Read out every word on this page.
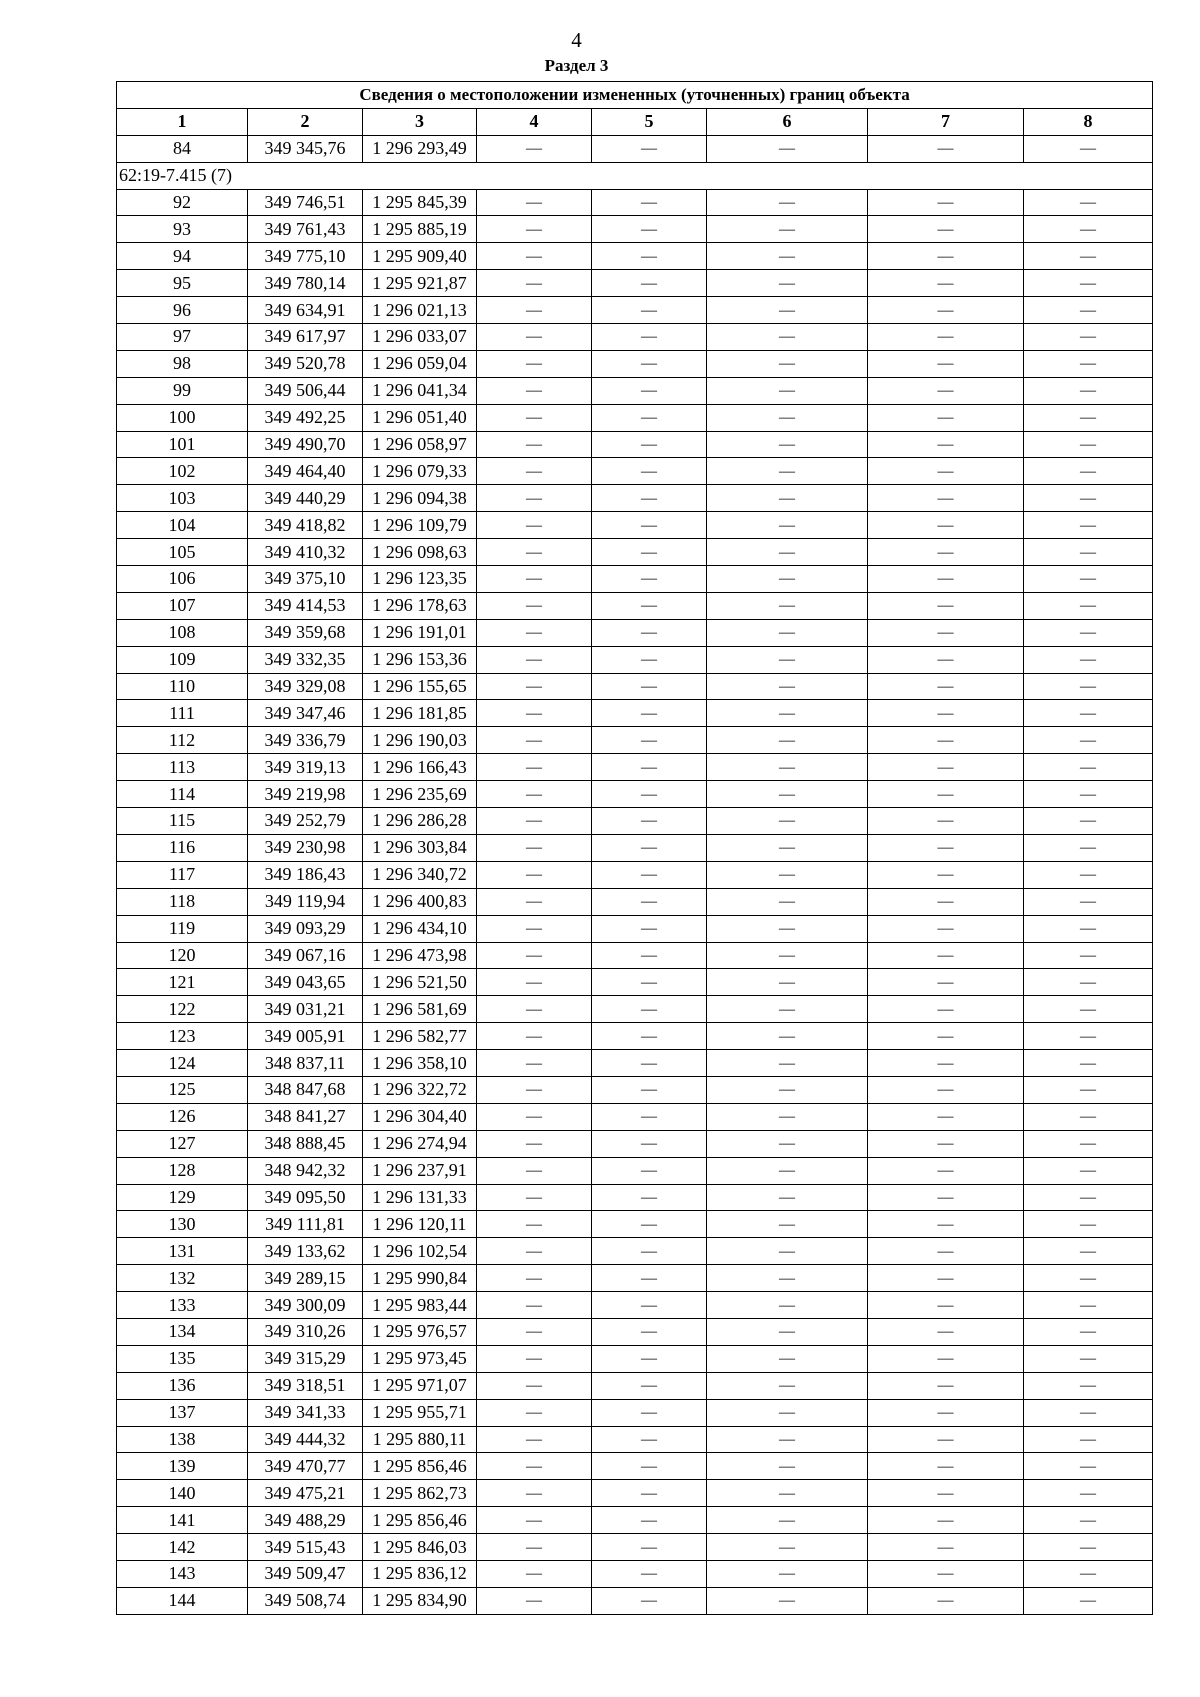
4
Раздел 3
Сведения о местоположении измененных (уточненных) границ объекта							
1	2	3	4	5	6	7	8
84	349 345,76	1 296 293,49	—	—	—	—	—
62:19-7.415 (7)							
92	349 746,51	1 295 845,39	—	—	—	—	—
93	349 761,43	1 295 885,19	—	—	—	—	—
94	349 775,10	1 295 909,40	—	—	—	—	—
95	349 780,14	1 295 921,87	—	—	—	—	—
96	349 634,91	1 296 021,13	—	—	—	—	—
97	349 617,97	1 296 033,07	—	—	—	—	—
98	349 520,78	1 296 059,04	—	—	—	—	—
99	349 506,44	1 296 041,34	—	—	—	—	—
100	349 492,25	1 296 051,40	—	—	—	—	—
101	349 490,70	1 296 058,97	—	—	—	—	—
102	349 464,40	1 296 079,33	—	—	—	—	—
103	349 440,29	1 296 094,38	—	—	—	—	—
104	349 418,82	1 296 109,79	—	—	—	—	—
105	349 410,32	1 296 098,63	—	—	—	—	—
106	349 375,10	1 296 123,35	—	—	—	—	—
107	349 414,53	1 296 178,63	—	—	—	—	—
108	349 359,68	1 296 191,01	—	—	—	—	—
109	349 332,35	1 296 153,36	—	—	—	—	—
110	349 329,08	1 296 155,65	—	—	—	—	—
111	349 347,46	1 296 181,85	—	—	—	—	—
112	349 336,79	1 296 190,03	—	—	—	—	—
113	349 319,13	1 296 166,43	—	—	—	—	—
114	349 219,98	1 296 235,69	—	—	—	—	—
115	349 252,79	1 296 286,28	—	—	—	—	—
116	349 230,98	1 296 303,84	—	—	—	—	—
117	349 186,43	1 296 340,72	—	—	—	—	—
118	349 119,94	1 296 400,83	—	—	—	—	—
119	349 093,29	1 296 434,10	—	—	—	—	—
120	349 067,16	1 296 473,98	—	—	—	—	—
121	349 043,65	1 296 521,50	—	—	—	—	—
122	349 031,21	1 296 581,69	—	—	—	—	—
123	349 005,91	1 296 582,77	—	—	—	—	—
124	348 837,11	1 296 358,10	—	—	—	—	—
125	348 847,68	1 296 322,72	—	—	—	—	—
126	348 841,27	1 296 304,40	—	—	—	—	—
127	348 888,45	1 296 274,94	—	—	—	—	—
128	348 942,32	1 296 237,91	—	—	—	—	—
129	349 095,50	1 296 131,33	—	—	—	—	—
130	349 111,81	1 296 120,11	—	—	—	—	—
131	349 133,62	1 296 102,54	—	—	—	—	—
132	349 289,15	1 295 990,84	—	—	—	—	—
133	349 300,09	1 295 983,44	—	—	—	—	—
134	349 310,26	1 295 976,57	—	—	—	—	—
135	349 315,29	1 295 973,45	—	—	—	—	—
136	349 318,51	1 295 971,07	—	—	—	—	—
137	349 341,33	1 295 955,71	—	—	—	—	—
138	349 444,32	1 295 880,11	—	—	—	—	—
139	349 470,77	1 295 856,46	—	—	—	—	—
140	349 475,21	1 295 862,73	—	—	—	—	—
141	349 488,29	1 295 856,46	—	—	—	—	—
142	349 515,43	1 295 846,03	—	—	—	—	—
143	349 509,47	1 295 836,12	—	—	—	—	—
144	349 508,74	1 295 834,90	—	—	—	—	—
